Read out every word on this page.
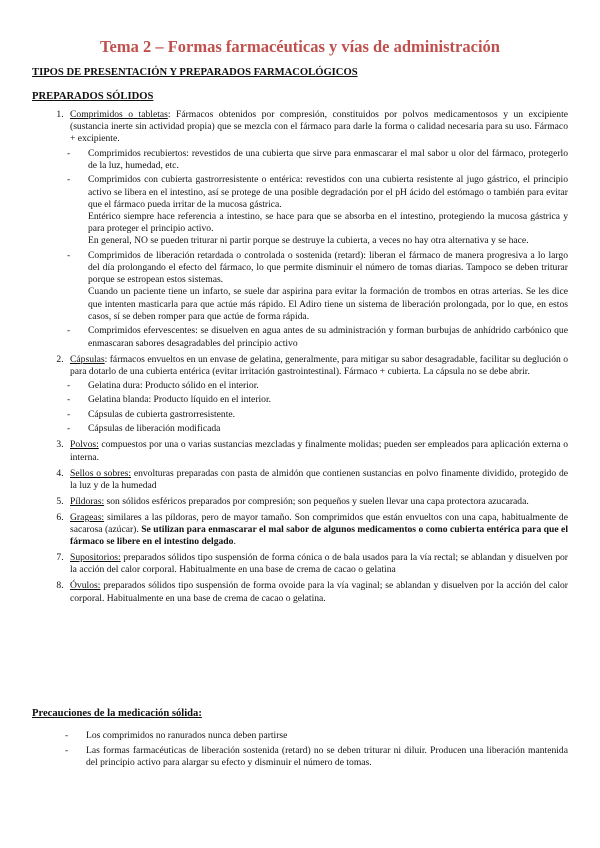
Tema 2 – Formas farmacéuticas y vías de administración
TIPOS DE PRESENTACIÓN Y PREPARADOS FARMACOLÓGICOS
PREPARADOS SÓLIDOS
1. Comprimidos o tabletas: Fármacos obtenidos por compresión, constituidos por polvos medicamentosos y un excipiente (sustancia inerte sin actividad propia) que se mezcla con el fármaco para darle la forma o calidad necesaria para su uso. Fármaco + excipiente.
- Comprimidos recubiertos: revestidos de una cubierta que sirve para enmascarar el mal sabor u olor del fármaco, protegerlo de la luz, humedad, etc.
- Comprimidos con cubierta gastrorresistente o entérica: revestidos con una cubierta resistente al jugo gástrico, el principio activo se libera en el intestino, así se protege de una posible degradación por el pH ácido del estómago o también para evitar que el fármaco pueda irritar de la mucosa gástrica.
Entérico siempre hace referencia a intestino, se hace para que se absorba en el intestino, protegiendo la mucosa gástrica y para proteger el principio activo.
En general, NO se pueden triturar ni partir porque se destruye la cubierta, a veces no hay otra alternativa y se hace.
- Comprimidos de liberación retardada o controlada o sostenida (retard): liberan el fármaco de manera progresiva a lo largo del día prolongando el efecto del fármaco, lo que permite disminuir el número de tomas diarias. Tampoco se deben triturar porque se estropean estos sistemas.
Cuando un paciente tiene un infarto, se suele dar aspirina para evitar la formación de trombos en otras arterias. Se les dice que intenten masticarla para que actúe más rápido. El Adiro tiene un sistema de liberación prolongada, por lo que, en estos casos, sí se deben romper para que actúe de forma rápida.
- Comprimidos efervescentes: se disuelven en agua antes de su administración y forman burbujas de anhídrido carbónico que enmascaran sabores desagradables del principio activo
2. Cápsulas: fármacos envueltos en un envase de gelatina, generalmente, para mitigar su sabor desagradable, facilitar su deglución o para dotarlo de una cubierta entérica (evitar irritación gastrointestinal). Fármaco + cubierta. La cápsula no se debe abrir.
- Gelatina dura: Producto sólido en el interior.
- Gelatina blanda: Producto líquido en el interior.
- Cápsulas de cubierta gastrorresistente.
- Cápsulas de liberación modificada
3. Polvos: compuestos por una o varias sustancias mezcladas y finalmente molidas; pueden ser empleados para aplicación externa o interna.
4. Sellos o sobres: envolturas preparadas con pasta de almidón que contienen sustancias en polvo finamente dividido, protegido de la luz y de la humedad
5. Píldoras: son sólidos esféricos preparados por compresión; son pequeños y suelen llevar una capa protectora azucarada.
6. Grageas: similares a las píldoras, pero de mayor tamaño. Son comprimidos que están envueltos con una capa, habitualmente de sacarosa (azúcar). Se utilizan para enmascarar el mal sabor de algunos medicamentos o como cubierta entérica para que el fármaco se libere en el intestino delgado.
7. Supositorios: preparados sólidos tipo suspensión de forma cónica o de bala usados para la vía rectal; se ablandan y disuelven por la acción del calor corporal. Habitualmente en una base de crema de cacao o gelatina
8. Óvulos: preparados sólidos tipo suspensión de forma ovoide para la vía vaginal; se ablandan y disuelven por la acción del calor corporal. Habitualmente en una base de crema de cacao o gelatina.
Precauciones de la medicación sólida:
- Los comprimidos no ranurados nunca deben partirse
- Las formas farmacéuticas de liberación sostenida (retard) no se deben triturar ni diluir. Producen una liberación mantenida del principio activo para alargar su efecto y disminuir el número de tomas.
